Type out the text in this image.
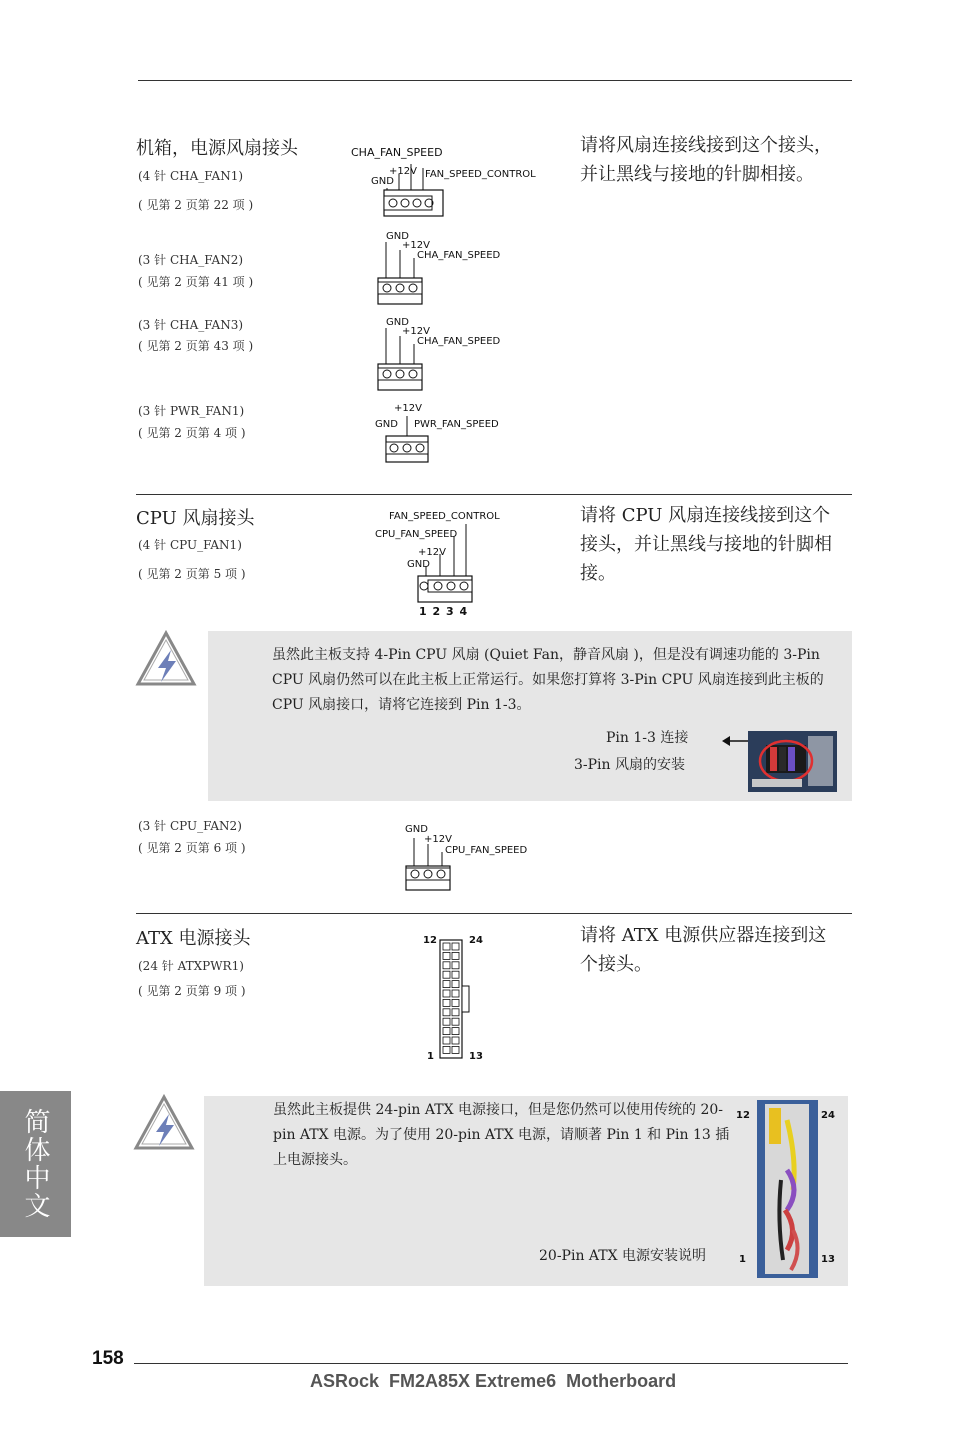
机箱，电源风扇接头
(4 针 CHA_FAN1)
( 见第 2 页第 22 项 )
(3 针 CHA_FAN2)
( 见第 2 页第 41 项 )
(3 针 CHA_FAN3)
( 见第 2 页第 43 项 )
(3 针 PWR_FAN1)
( 见第 2 页第 4 项 )
请将风扇连接线接到这个接头，并让黑线与接地的针脚相接。
CHA_FAN_SPEED
+12V
GND
FAN_SPEED_CONTROL
GND
+12V
CHA_FAN_SPEED
GND
+12V
CHA_FAN_SPEED
+12V
GND PWR_FAN_SPEED
CPU 风扇接头
(4 针 CPU_FAN1)
( 见第 2 页第 5 项 )
请将 CPU 风扇连接线接到这个接头，并让黑线与接地的针脚相接。
FAN_SPEED_CONTROL
CPU_FAN_SPEED
+12V
GND
1 2 3 4
虽然此主板支持 4-Pin CPU 风扇 (Quiet Fan，静音风扇 )，但是没有调速功能的 3-Pin CPU 风扇仍然可以在此主板上正常运行。如果您打算将 3-Pin CPU 风扇连接到此主板的 CPU 风扇接口，请将它连接到 Pin 1-3。
Pin 1-3 连接
3-Pin 风扇的安装
(3 针 CPU_FAN2)
( 见第 2 页第 6 项 )
GND
+12V
CPU_FAN_SPEED
ATX 电源接头
(24 针 ATXPWR1)
( 见第 2 页第 9 项 )
请将 ATX 电源供应器连接到这个接头。
12	24
1	13
虽然此主板提供 24-pin ATX 电源接口，但是您仍然可以使用传统的 20-pin ATX 电源。为了使用 20-pin ATX 电源，请顺著 Pin 1 和 Pin 13 插上电源接头。
20-Pin ATX 电源安装说明
12	24
1	13
简体中文
158
ASRock  FM2A85X Extreme6  Motherboard
